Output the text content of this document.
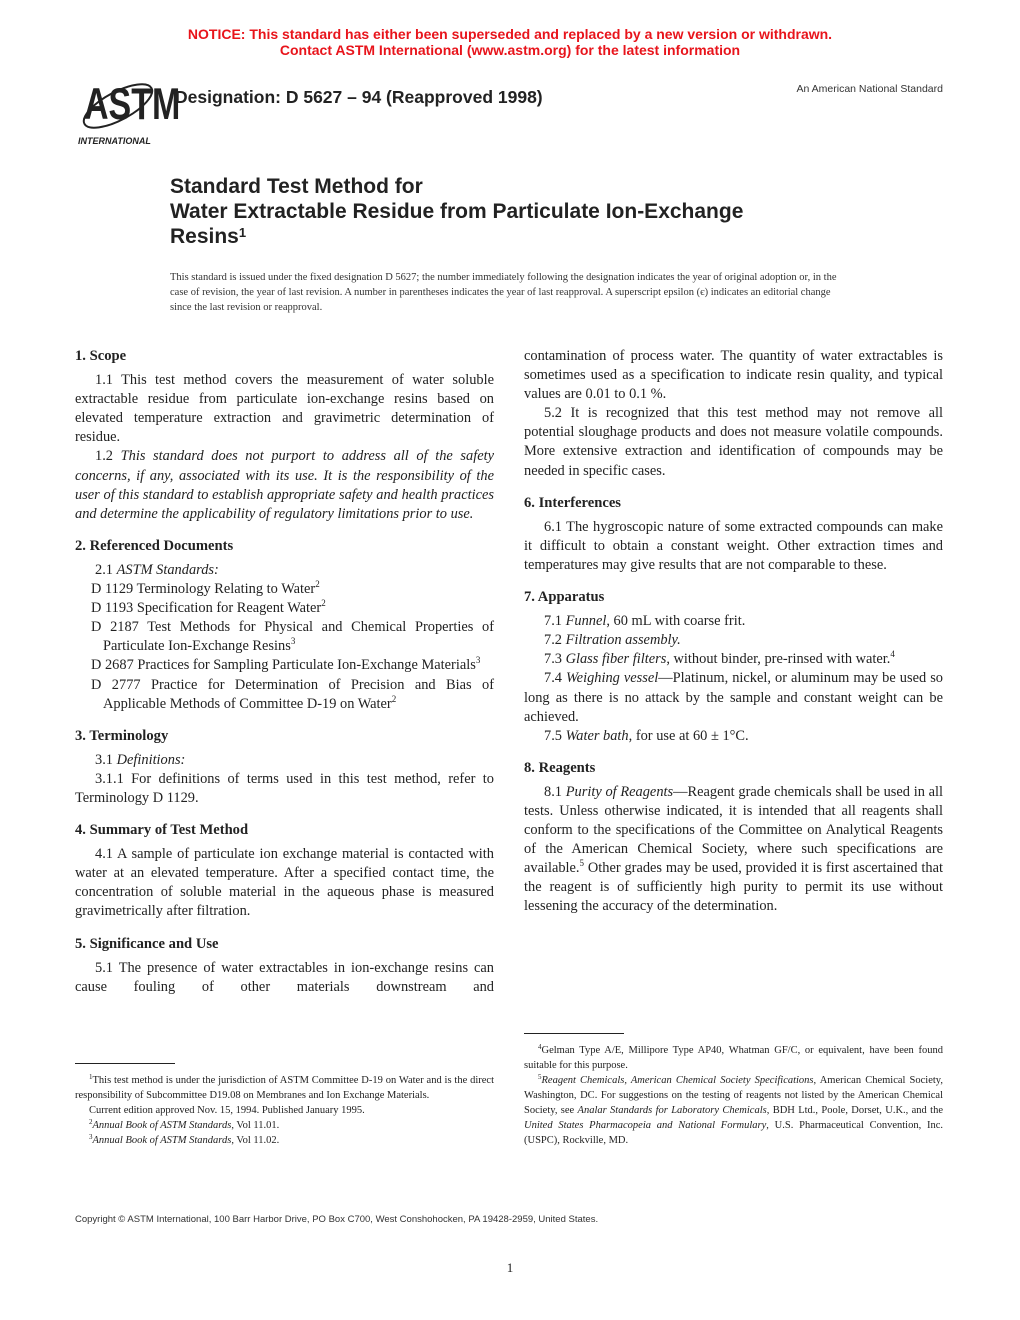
NOTICE: This standard has either been superseded and replaced by a new version or withdrawn.
Contact ASTM International (www.astm.org) for the latest information
ASTM
INTERNATIONAL
Designation: D 5627 – 94 (Reapproved 1998)	An American National Standard
Standard Test Method for
Water Extractable Residue from Particulate Ion-Exchange
Resins$^1$
This standard is issued under the fixed designation D 5627; the number immediately following the designation indicates the year of original adoption or, in the case of revision, the year of last revision. A number in parentheses indicates the year of last reapproval. A superscript epsilon (є) indicates an editorial change since the last revision or reapproval.
1. Scope
1.1 This test method covers the measurement of water soluble extractable residue from particulate ion-exchange resins based on elevated temperature extraction and gravimetric determination of residue.
1.2 This standard does not purport to address all of the safety concerns, if any, associated with its use. It is the responsibility of the user of this standard to establish appropriate safety and health practices and determine the applicability of regulatory limitations prior to use.
2. Referenced Documents
2.1 ASTM Standards:
D 1129 Terminology Relating to Water$^2$
D 1193 Specification for Reagent Water$^2$
D 2187 Test Methods for Physical and Chemical Properties of Particulate Ion-Exchange Resins$^3$
D 2687 Practices for Sampling Particulate Ion-Exchange Materials$^3$
D 2777 Practice for Determination of Precision and Bias of Applicable Methods of Committee D-19 on Water$^2$
3. Terminology
3.1 Definitions:
3.1.1 For definitions of terms used in this test method, refer to Terminology D 1129.
4. Summary of Test Method
4.1 A sample of particulate ion exchange material is contacted with water at an elevated temperature. After a specified contact time, the concentration of soluble material in the aqueous phase is measured gravimetrically after filtration.
5. Significance and Use
5.1 The presence of water extractables in ion-exchange resins can cause fouling of other materials downstream and
contamination of process water. The quantity of water extractables is sometimes used as a specification to indicate resin quality, and typical values are 0.01 to 0.1 %.
5.2 It is recognized that this test method may not remove all potential sloughage products and does not measure volatile compounds. More extensive extraction and identification of compounds may be needed in specific cases.
6. Interferences
6.1 The hygroscopic nature of some extracted compounds can make it difficult to obtain a constant weight. Other extraction times and temperatures may give results that are not comparable to these.
7. Apparatus
7.1 Funnel, 60 mL with coarse frit.
7.2 Filtration assembly.
7.3 Glass fiber filters, without binder, pre-rinsed with water.$^4$
7.4 Weighing vessel—Platinum, nickel, or aluminum may be used so long as there is no attack by the sample and constant weight can be achieved.
7.5 Water bath, for use at 60 ± 1°C.
8. Reagents
8.1 Purity of Reagents—Reagent grade chemicals shall be used in all tests. Unless otherwise indicated, it is intended that all reagents shall conform to the specifications of the Committee on Analytical Reagents of the American Chemical Society, where such specifications are available.$^5$ Other grades may be used, provided it is first ascertained that the reagent is of sufficiently high purity to permit its use without lessening the accuracy of the determination.
$^1$This test method is under the jurisdiction of ASTM Committee D-19 on Water and is the direct responsibility of Subcommittee D19.08 on Membranes and Ion Exchange Materials.
Current edition approved Nov. 15, 1994. Published January 1995.
$^2$Annual Book of ASTM Standards, Vol 11.01.
$^3$Annual Book of ASTM Standards, Vol 11.02.
$^4$Gelman Type A/E, Millipore Type AP40, Whatman GF/C, or equivalent, have been found suitable for this purpose.
$^5$Reagent Chemicals, American Chemical Society Specifications, American Chemical Society, Washington, DC. For suggestions on the testing of reagents not listed by the American Chemical Society, see Analar Standards for Laboratory Chemicals, BDH Ltd., Poole, Dorset, U.K., and the United States Pharmacopeia and National Formulary, U.S. Pharmaceutical Convention, Inc. (USPC), Rockville, MD.
Copyright © ASTM International, 100 Barr Harbor Drive, PO Box C700, West Conshohocken, PA 19428-2959, United States.
1
